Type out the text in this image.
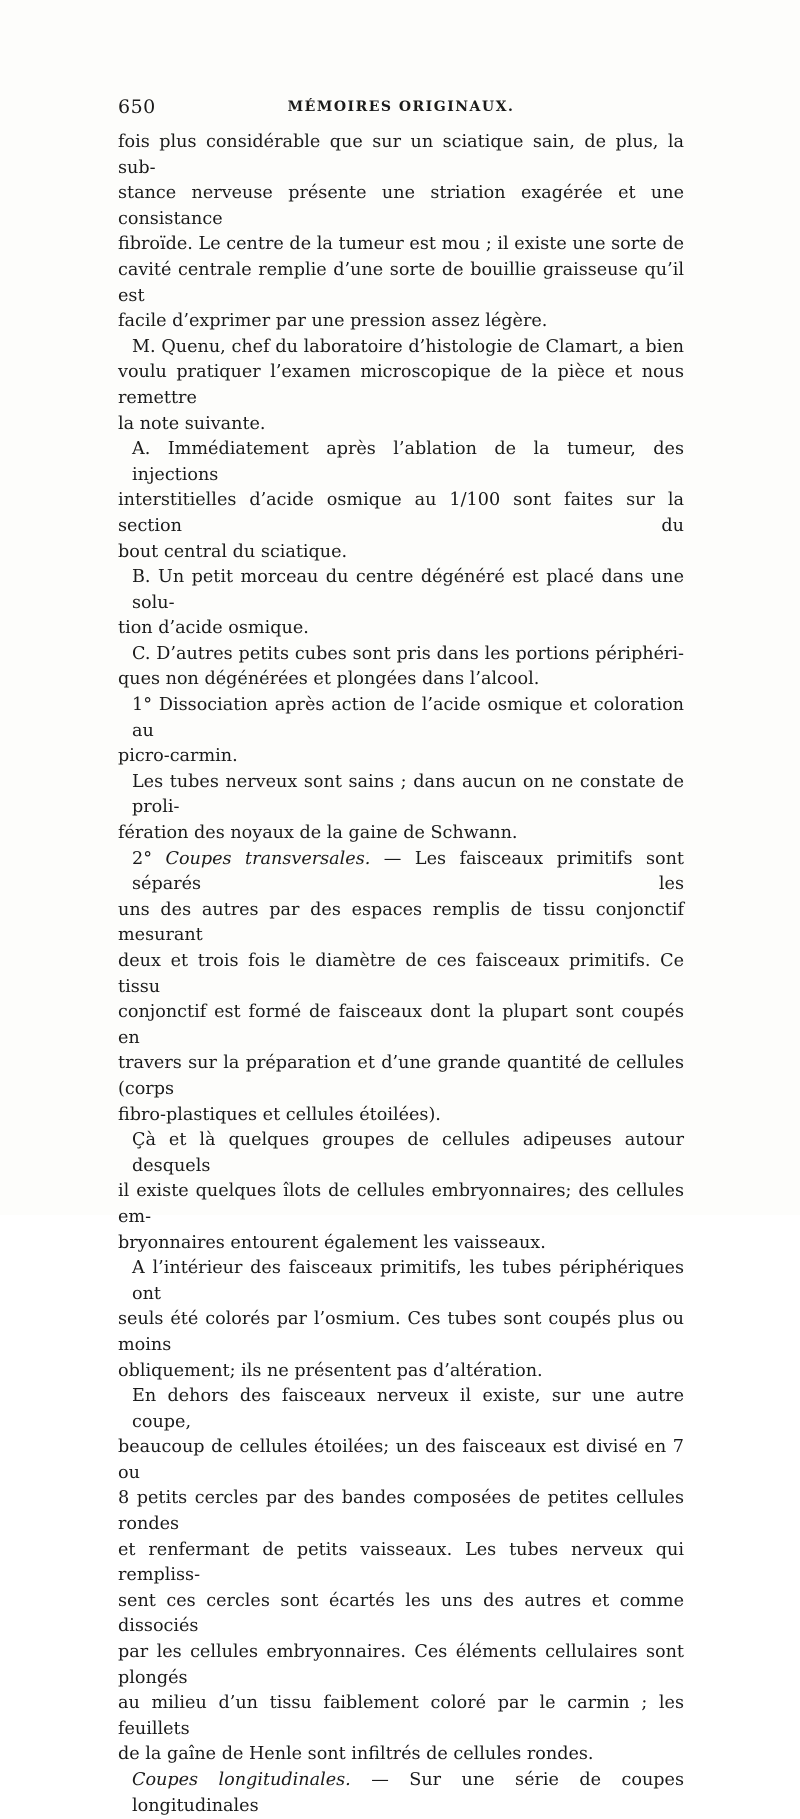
650	MÉMOIRES ORIGINAUX.
fois plus considérable que sur un sciatique sain, de plus, la sub-
stance nerveuse présente une striation exagérée et une consistance
fibroïde. Le centre de la tumeur est mou ; il existe une sorte de
cavité centrale remplie d’une sorte de bouillie graisseuse qu’il est
facile d’exprimer par une pression assez légère.
M. Quenu, chef du laboratoire d’histologie de Clamart, a bien
voulu pratiquer l’examen microscopique de la pièce et nous remettre
la note suivante.
A. Immédiatement après l’ablation de la tumeur, des injections
interstitielles d’acide osmique au 1/100 sont faites sur la section du
bout central du sciatique.
B. Un petit morceau du centre dégénéré est placé dans une solu-
tion d’acide osmique.
C. D’autres petits cubes sont pris dans les portions périphéri-
ques non dégénérées et plongées dans l’alcool.
1° Dissociation après action de l’acide osmique et coloration au
picro-carmin.
Les tubes nerveux sont sains ; dans aucun on ne constate de proli-
fération des noyaux de la gaine de Schwann.
2° Coupes transversales. — Les faisceaux primitifs sont séparés les
uns des autres par des espaces remplis de tissu conjonctif mesurant
deux et trois fois le diamètre de ces faisceaux primitifs. Ce tissu
conjonctif est formé de faisceaux dont la plupart sont coupés en
travers sur la préparation et d’une grande quantité de cellules (corps
fibro-plastiques et cellules étoilées).
Çà et là quelques groupes de cellules adipeuses autour desquels
il existe quelques îlots de cellules embryonnaires; des cellules em-
bryonnaires entourent également les vaisseaux.
A l’intérieur des faisceaux primitifs, les tubes périphériques ont
seuls été colorés par l’osmium. Ces tubes sont coupés plus ou moins
obliquement; ils ne présentent pas d’altération.
En dehors des faisceaux nerveux il existe, sur une autre coupe,
beaucoup de cellules étoilées; un des faisceaux est divisé en 7 ou
8 petits cercles par des bandes composées de petites cellules rondes
et renfermant de petits vaisseaux. Les tubes nerveux qui rempliss-
sent ces cercles sont écartés les uns des autres et comme dissociés
par les cellules embryonnaires. Ces éléments cellulaires sont plongés
au milieu d’un tissu faiblement coloré par le carmin ; les feuillets
de la gaîne de Henle sont infiltrés de cellules rondes.
Coupes longitudinales. — Sur une série de coupes longitudinales
